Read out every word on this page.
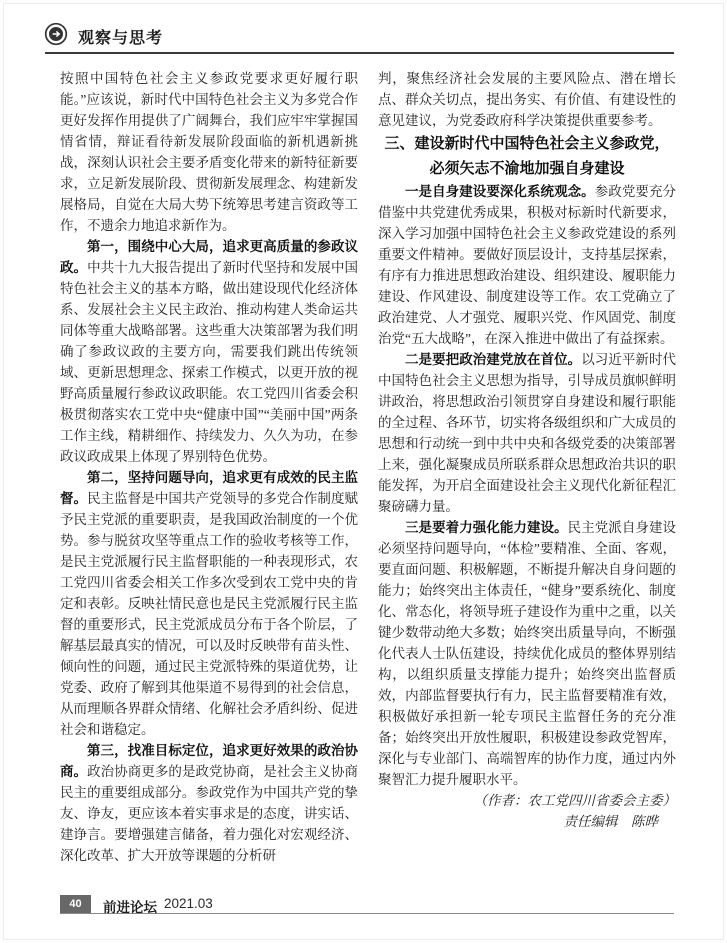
观察与思考

按照中国特色社会主义参政党要求更好履行职能。”应该说，新时代中国特色社会主义为多党合作更好发挥作用提供了广阔舞台，我们应牢牢掌握国情省情，辩证看待新发展阶段面临的新机遇新挑战，深刻认识社会主要矛盾变化带来的新特征新要求，立足新发展阶段、贯彻新发展理念、构建新发展格局，自觉在大局大势下统筹思考建言资政等工作，不遗余力地追求新作为。

第一，围绕中心大局，追求更高质量的参政议政。中共十九大报告提出了新时代坚持和发展中国特色社会主义的基本方略，做出建设现代化经济体系、发展社会主义民主政治、推动构建人类命运共同体等重大战略部署。这些重大决策部署为我们明确了参政议政的主要方向，需要我们跳出传统领域、更新思想理念、探索工作模式，以更开放的视野高质量履行参政议政职能。农工党四川省委会积极贯彻落实农工党中央“健康中国”“美丽中国”两条工作主线，精耕细作、持续发力、久久为功，在参政议政成果上体现了界别特色优势。

第二，坚持问题导向，追求更有成效的民主监督。民主监督是中国共产党领导的多党合作制度赋予民主党派的重要职责，是我国政治制度的一个优势。参与脱贫攻坚等重点工作的验收考核等工作，是民主党派履行民主监督职能的一种表现形式，农工党四川省委会相关工作多次受到农工党中央的肯定和表彰。反映社情民意也是民主党派履行民主监督的重要形式，民主党派成员分布于各个阶层，了解基层最真实的情况，可以及时反映带有苗头性、倾向性的问题，通过民主党派特殊的渠道优势，让党委、政府了解到其他渠道不易得到的社会信息，从而理顺各界群众情绪、化解社会矛盾纠纷、促进社会和谐稳定。

第三，找准目标定位，追求更好效果的政治协商。政治协商更多的是政党协商，是社会主义协商民主的重要组成部分。参政党作为中国共产党的挚友、诤友，更应该本着实事求是的态度，讲实话、建诤言。要增强建言储备，着力强化对宏观经济、深化改革、扩大开放等课题的分析研

判，聚焦经济社会发展的主要风险点、潜在增长点、群众关切点，提出务实、有价值、有建设性的意见建议，为党委政府科学决策提供重要参考。

三、建设新时代中国特色社会主义参政党，
必须矢志不渝地加强自身建设

一是自身建设要深化系统观念。参政党要充分借鉴中共党建优秀成果，积极对标新时代新要求，深入学习加强中国特色社会主义参政党建设的系列重要文件精神。要做好顶层设计，支持基层探索，有序有力推进思想政治建设、组织建设、履职能力建设、作风建设、制度建设等工作。农工党确立了政治建党、人才强党、履职兴党、作风固党、制度治党“五大战略”，在深入推进中做出了有益探索。

二是要把政治建党放在首位。以习近平新时代中国特色社会主义思想为指导，引导成员旗帜鲜明讲政治，将思想政治引领贯穿自身建设和履行职能的全过程、各环节，切实将各级组织和广大成员的思想和行动统一到中共中央和各级党委的决策部署上来，强化凝聚成员所联系群众思想政治共识的职能发挥，为开启全面建设社会主义现代化新征程汇聚磅礴力量。

三是要着力强化能力建设。民主党派自身建设必须坚持问题导向，“体检”要精准、全面、客观，要直面问题、积极解题，不断提升解决自身问题的能力；始终突出主体责任，“健身”要系统化、制度化、常态化，将领导班子建设作为重中之重，以关键少数带动绝大多数；始终突出质量导向，不断强化代表人士队伍建设，持续优化成员的整体界别结构，以组织质量支撑能力提升；始终突出监督质效，内部监督要执行有力，民主监督要精准有效，积极做好承担新一轮专项民主监督任务的充分准备；始终突出开放性履职，积极建设参政党智库，深化与专业部门、高端智库的协作力度，通过内外聚智汇力提升履职水平。

（作者：农工党四川省委会主委）

责任编辑 陈晔

40	前进论坛 2021.03
